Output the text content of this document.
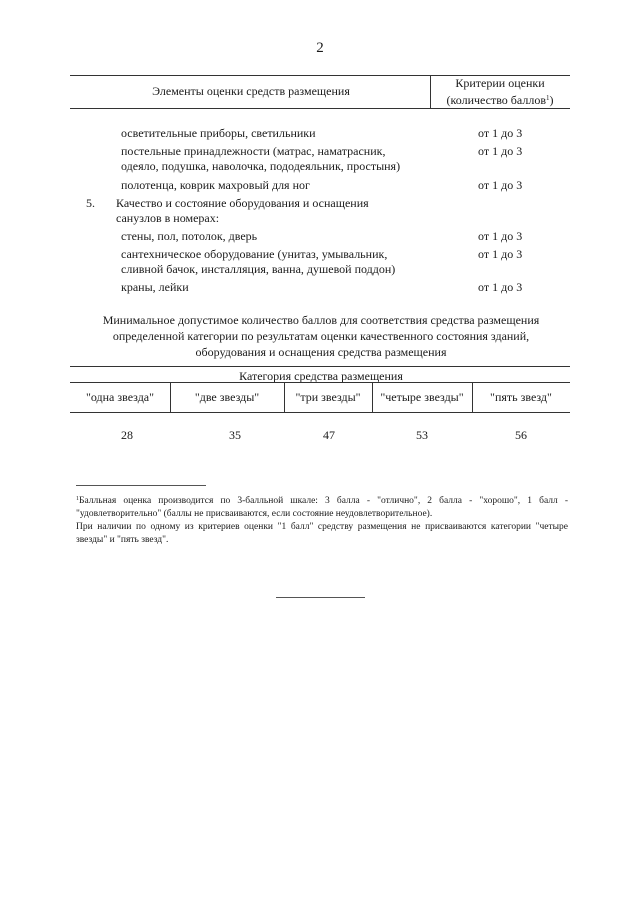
2
Элементы оценки средств размещения
Критерии оценки
(количество баллов$^1$)
осветительные приборы, светильники	от 1 до 3
постельные принадлежности (матрас, наматрасник,
одеяло, подушка, наволочка, пододеяльник, простыня)
от 1 до 3
полотенца, коврик махровый для ног	от 1 до 3
5. Качество и состояние оборудования и оснащения
санузлов в номерах:
стены, пол, потолок, дверь	от 1 до 3
сантехническое оборудование (унитаз, умывальник,
сливной бачок, инсталляция, ванна, душевой поддон)
от 1 до 3
краны, лейки	от 1 до 3
Минимальное допустимое количество баллов для соответствия средства размещения
определенной категории по результатам оценки качественного состояния зданий,
оборудования и оснащения средства размещения
Категория средства размещения
"одна звезда"	"две звезды"	"три звезды"	"четыре звезды"	"пять звезд"
28	35	47	53	56
$^1$Балльная оценка производится по 3-балльной шкале: 3 балла - "отлично", 2 балла - "хорошо", 1 балл - "удовлетворительно" (баллы не присваиваются, если состояние неудовлетворительное).
При наличии по одному из критериев оценки "1 балл" средству размещения не присваиваются категории "четыре звезды" и "пять звезд".
